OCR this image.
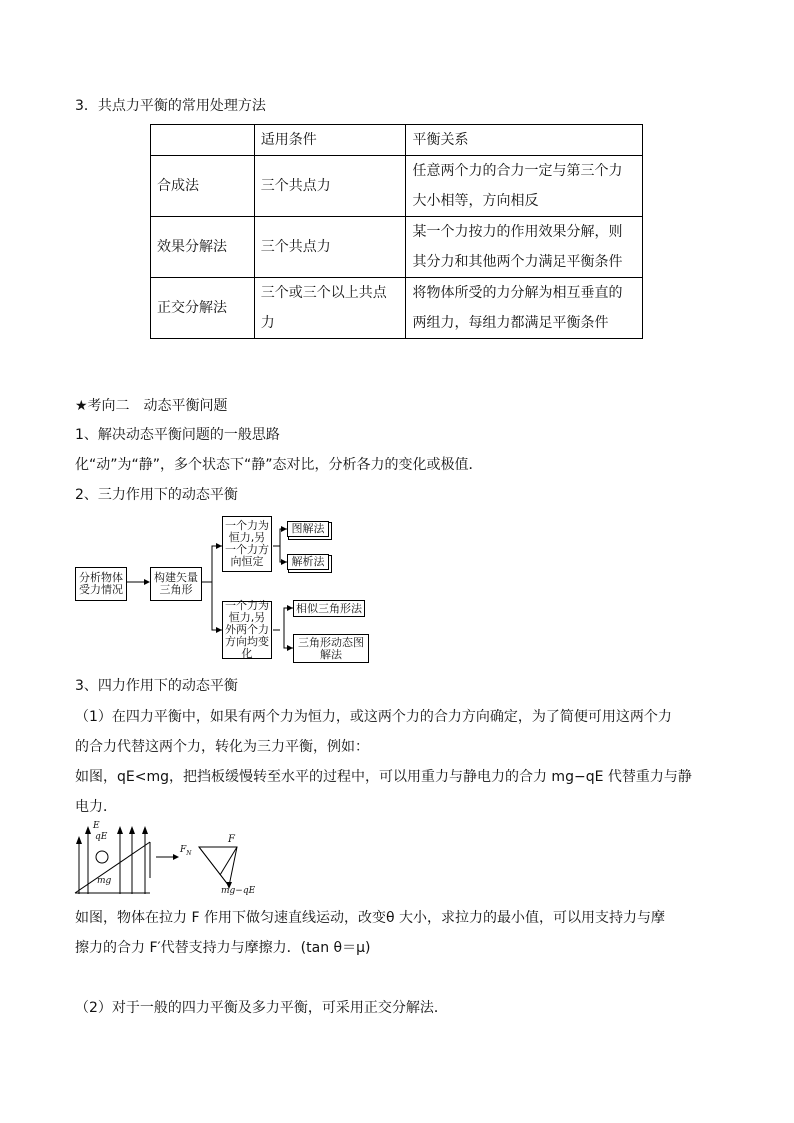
3．共点力平衡的常用处理方法
	适用条件	平衡关系
合成法	三个共点力	任意两个力的合力一定与第三个力大小相等，方向相反
效果分解法	三个共点力	某一个力按力的作用效果分解，则其分力和其他两个力满足平衡条件
正交分解法	三个或三个以上共点力	将物体所受的力分解为相互垂直的两组力，每组力都满足平衡条件
★考向二　动态平衡问题
1、解决动态平衡问题的一般思路
化“动”为“静”，多个状态下“静”态对比，分析各力的变化或极值．
2、三力作用下的动态平衡
分析物体受力情况
构建矢量三角形
一个力为恒力,另一个力方向恒定
图解法
解析法
一个力为恒力,另外两个力方向均变化
相似三角形法
三角形动态图解法
3、四力作用下的动态平衡
（1）在四力平衡中，如果有两个力为恒力，或这两个力的合力方向确定，为了简便可用这两个力
的合力代替这两个力，转化为三力平衡，例如：
如图，qE<mg，把挡板缓慢转至水平的过程中，可以用重力与静电力的合力 mg−qE 代替重力与静
电力．
E
qE
mg
$F_N$
F
mg−qE
如图，物体在拉力 F 作用下做匀速直线运动，改变θ 大小，求拉力的最小值，可以用支持力与摩
擦力的合力 F′代替支持力与摩擦力．(tan θ＝μ)
（2）对于一般的四力平衡及多力平衡，可采用正交分解法．
